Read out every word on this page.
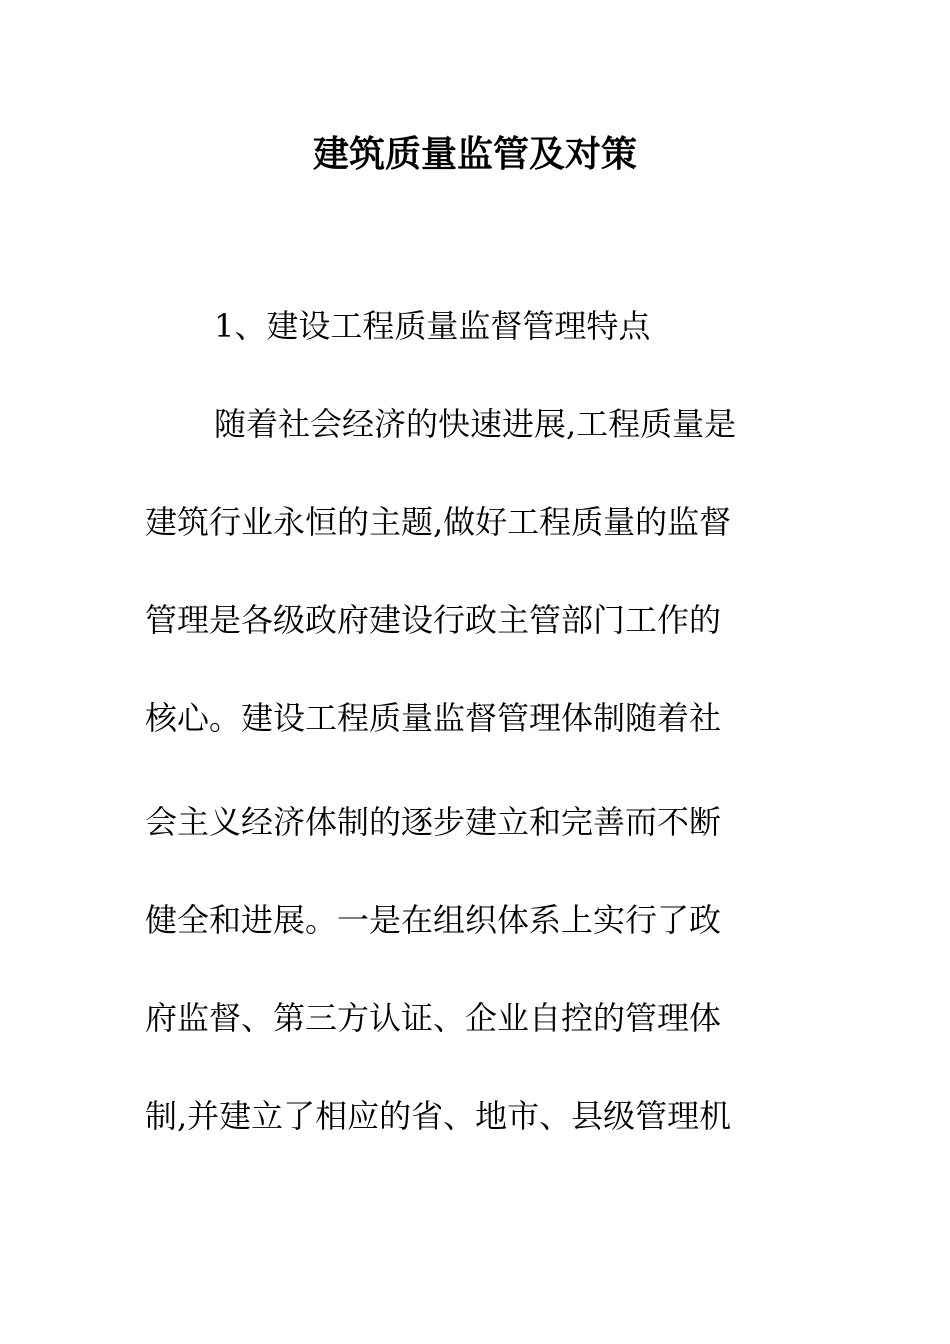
建筑质量监管及对策

1、建设工程质量监督管理特点

随着社会经济的快速进展,工程质量是

建筑行业永恒的主题,做好工程质量的监督

管理是各级政府建设行政主管部门工作的

核心。建设工程质量监督管理体制随着社

会主义经济体制的逐步建立和完善而不断

健全和进展。一是在组织体系上实行了政

府监督、第三方认证、企业自控的管理体

制,并建立了相应的省、地市、县级管理机
